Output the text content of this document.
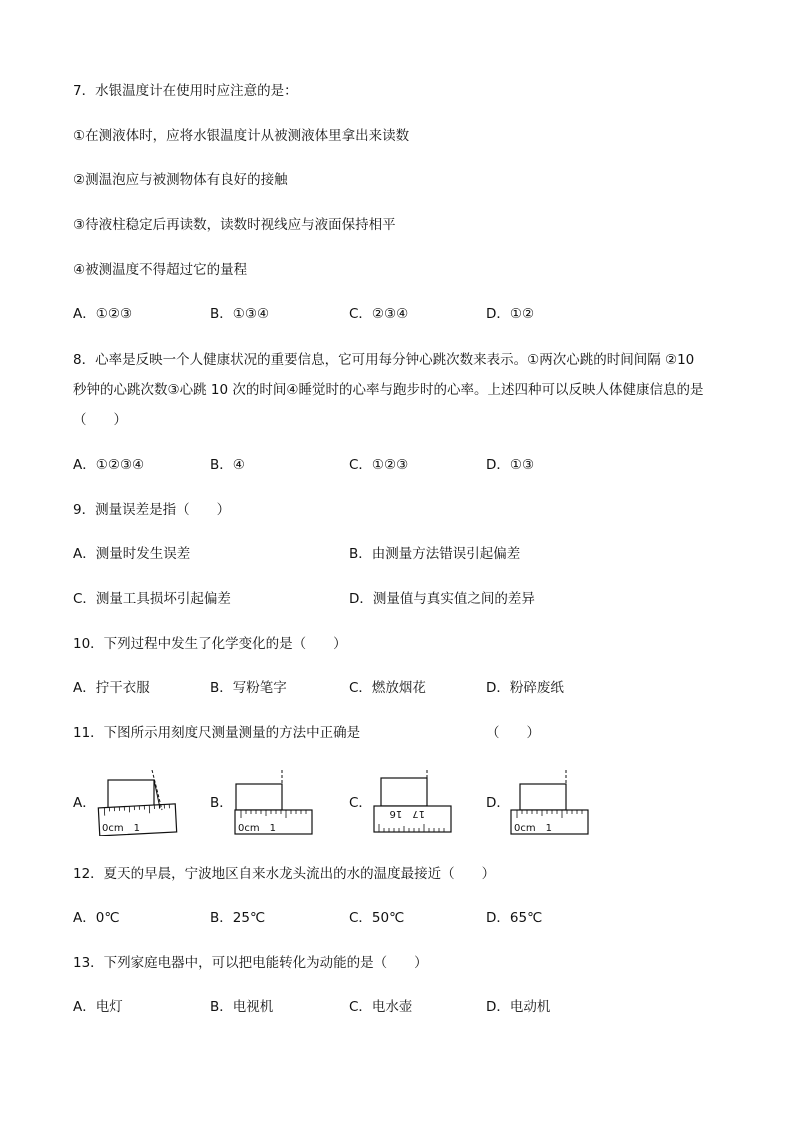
7．水银温度计在使用时应注意的是：
①在测液体时，应将水银温度计从被测液体里拿出来读数
②测温泡应与被测物体有良好的接触
③待液柱稳定后再读数，读数时视线应与液面保持相平
④被测温度不得超过它的量程
A．①②③	B．①③④	C．②③④	D．①②
8．心率是反映一个人健康状况的重要信息，它可用每分钟心跳次数来表示。①两次心跳的时间间隔 ②10
秒钟的心跳次数③心跳 10 次的时间④睡觉时的心率与跑步时的心率。上述四种可以反映人体健康信息的是
（　　）
A．①②③④	B．④	C．①②③	D．①③
9．测量误差是指（　　）
A．测量时发生误差	B．由测量方法错误引起偏差
C．测量工具损坏引起偏差	D．测量值与真实值之间的差异
10．下列过程中发生了化学变化的是（　　）
A．拧干衣服	B．写粉笔字	C．燃放烟花	D．粉碎废纸
11．下图所示用刻度尺测量测量的方法中正确是	（　　）
A．
0cm　1
B．
0cm　1
C．
17　16
D．
0cm　1
12．夏天的早晨，宁波地区自来水龙头流出的水的温度最接近（　　）
A．0℃	B．25℃	C．50℃	D．65℃
13．下列家庭电器中，可以把电能转化为动能的是（　　）
A．电灯	B．电视机	C．电水壶	D．电动机
